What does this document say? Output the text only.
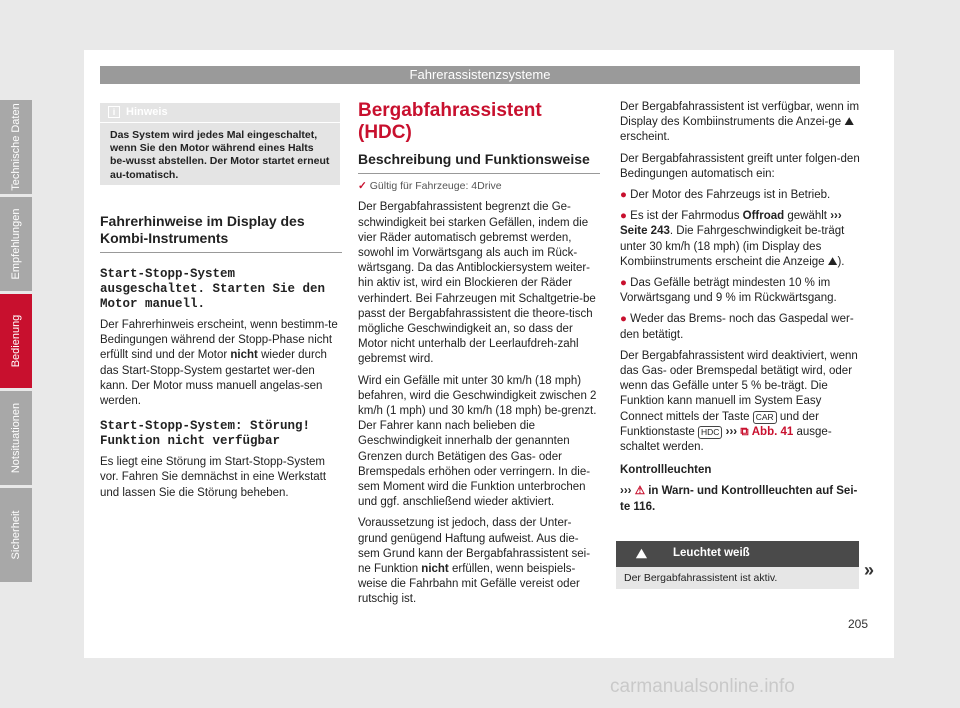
Fahrerassistenzsysteme
i Hinweis
Das System wird jedes Mal eingeschaltet, wenn Sie den Motor während eines Halts be-wusst abstellen. Der Motor startet erneut au-tomatisch.
Fahrerhinweise im Display des Kombi-Instruments

Start-Stopp-System ausgeschaltet. Starten Sie den Motor manuell.

Der Fahrerhinweis erscheint, wenn bestimm-te Bedingungen während der Stopp-Phase nicht erfüllt sind und der Motor nicht wieder durch das Start-Stopp-System gestartet wer-den kann. Der Motor muss manuell angelas-sen werden.

Start-Stopp-System: Störung! Funktion nicht verfügbar

Es liegt eine Störung im Start-Stopp-System vor. Fahren Sie demnächst in eine Werkstatt und lassen Sie die Störung beheben.

Bergabfahrassistent (HDC)
Beschreibung und Funktionsweise

✓ Gültig für Fahrzeuge: 4Drive

Der Bergabfahrassistent begrenzt die Ge-schwindigkeit bei starken Gefällen, indem die vier Räder automatisch gebremst werden, sowohl im Vorwärtsgang als auch im Rück-wärtsgang. Da das Antiblockiersystem weiter-hin aktiv ist, wird ein Blockieren der Räder verhindert. Bei Fahrzeugen mit Schaltgetrie-be passt der Bergabfahrassistent die theore-tisch mögliche Geschwindigkeit an, so dass der Motor nicht unterhalb der Leerlaufdreh-zahl gebremst wird.

Wird ein Gefälle mit unter 30 km/h (18 mph) befahren, wird die Geschwindigkeit zwischen 2 km/h (1 mph) und 30 km/h (18 mph) be-grenzt. Der Fahrer kann nach belieben die Geschwindigkeit innerhalb der genannten Grenzen durch Betätigen des Gas- oder Bremspedals erhöhen oder verringern. In die-sem Moment wird die Funktion unterbrochen und ggf. anschließend wieder aktiviert.

Voraussetzung ist jedoch, dass der Unter-grund genügend Haftung aufweist. Aus die-sem Grund kann der Bergabfahrassistent sei-ne Funktion nicht erfüllen, wenn beispiels-weise die Fahrbahn mit Gefälle vereist oder rutschig ist.

Der Bergabfahrassistent ist verfügbar, wenn im Display des Kombiinstruments die Anzei-ge ⛰ erscheint.

Der Bergabfahrassistent greift unter folgen-den Bedingungen automatisch ein:

● Der Motor des Fahrzeugs ist in Betrieb.

● Es ist der Fahrmodus Offroad gewählt ››› Seite 243. Die Fahrgeschwindigkeit be-trägt unter 30 km/h (18 mph) (im Display des Kombiinstruments erscheint die Anzeige ⛰).

● Das Gefälle beträgt mindesten 10 % im Vorwärtsgang und 9 % im Rückwärtsgang.

● Weder das Brems- noch das Gaspedal wer-den betätigt.

Der Bergabfahrassistent wird deaktiviert, wenn das Gas- oder Bremspedal betätigt wird, oder wenn das Gefälle unter 5 % be-trägt. Die Funktion kann manuell im System Easy Connect mittels der Taste CAR und der Funktionstaste HDC ››› ⧉ Abb. 41 ausge-schaltet werden.

Kontrollleuchten

››› ⚠ in Warn- und Kontrollleuchten auf Sei-te 116.

⛰ Leuchtet weiß
Der Bergabfahrassistent ist aktiv.	»
Technische Daten
Empfehlungen
Bedienung
Notsituationen
Sicherheit
205
carmanualsonline.info
